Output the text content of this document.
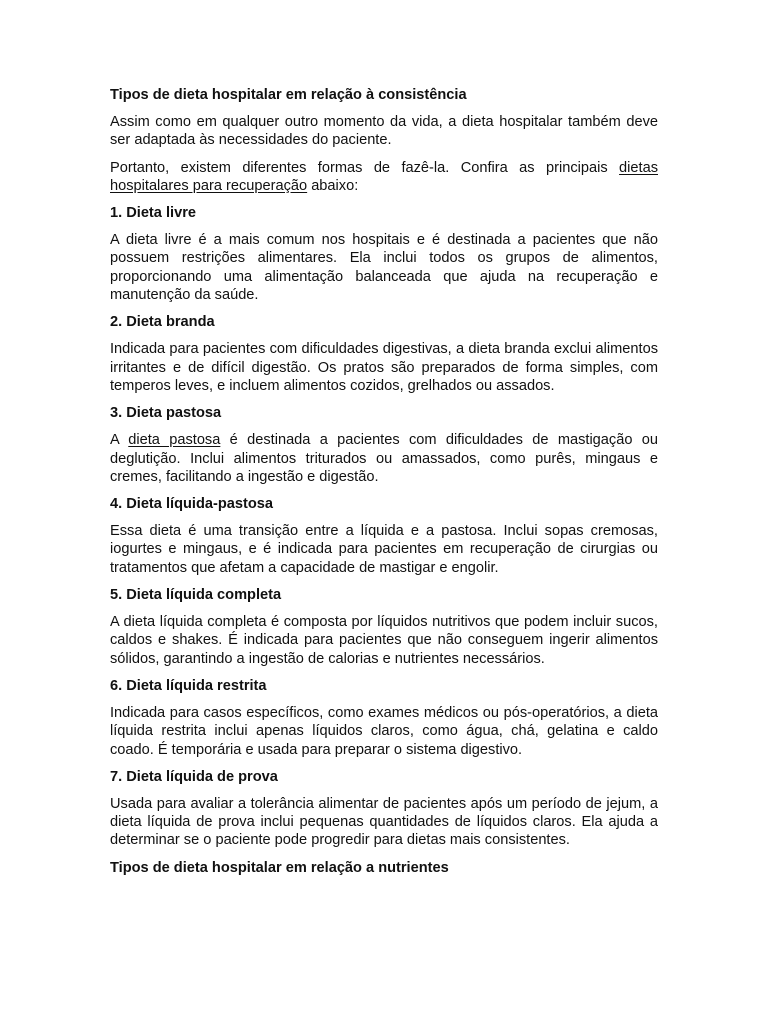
Tipos de dieta hospitalar em relação à consistência

Assim como em qualquer outro momento da vida, a dieta hospitalar também deve ser adaptada às necessidades do paciente.

Portanto, existem diferentes formas de fazê-la. Confira as principais dietas hospitalares para recuperação abaixo:

1. Dieta livre

A dieta livre é a mais comum nos hospitais e é destinada a pacientes que não possuem restrições alimentares. Ela inclui todos os grupos de alimentos, proporcionando uma alimentação balanceada que ajuda na recuperação e manutenção da saúde.

2. Dieta branda

Indicada para pacientes com dificuldades digestivas, a dieta branda exclui alimentos irritantes e de difícil digestão. Os pratos são preparados de forma simples, com temperos leves, e incluem alimentos cozidos, grelhados ou assados.

3. Dieta pastosa

A dieta pastosa é destinada a pacientes com dificuldades de mastigação ou deglutição. Inclui alimentos triturados ou amassados, como purês, mingaus e cremes, facilitando a ingestão e digestão.

4. Dieta líquida-pastosa

Essa dieta é uma transição entre a líquida e a pastosa. Inclui sopas cremosas, iogurtes e mingaus, e é indicada para pacientes em recuperação de cirurgias ou tratamentos que afetam a capacidade de mastigar e engolir.

5. Dieta líquida completa

A dieta líquida completa é composta por líquidos nutritivos que podem incluir sucos, caldos e shakes. É indicada para pacientes que não conseguem ingerir alimentos sólidos, garantindo a ingestão de calorias e nutrientes necessários.

6. Dieta líquida restrita

Indicada para casos específicos, como exames médicos ou pós-operatórios, a dieta líquida restrita inclui apenas líquidos claros, como água, chá, gelatina e caldo coado. É temporária e usada para preparar o sistema digestivo.

7. Dieta líquida de prova

Usada para avaliar a tolerância alimentar de pacientes após um período de jejum, a dieta líquida de prova inclui pequenas quantidades de líquidos claros. Ela ajuda a determinar se o paciente pode progredir para dietas mais consistentes.

Tipos de dieta hospitalar em relação a nutrientes
